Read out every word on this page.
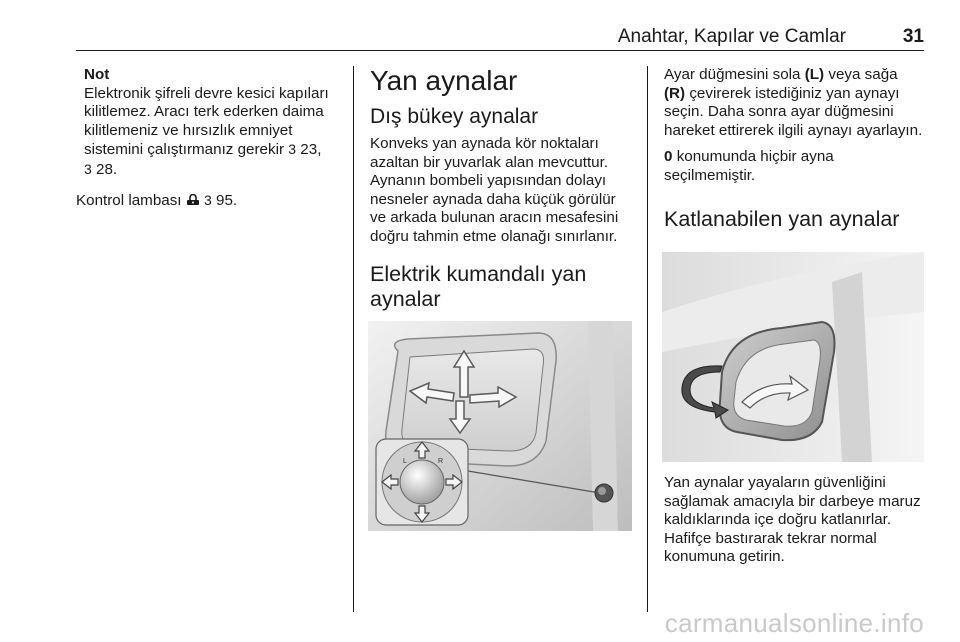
Anahtar, Kapılar ve Camlar	31
Not
Elektronik şifreli devre kesici kapıları kilitlemez. Aracı terk ederken daima kilitlemeniz ve hırsızlık emniyet sistemini çalıştırmanız gerekir 3 23,
3 28.

Kontrol lambası 3 95.

Yan aynalar
Dış bükey aynalar

Konveks yan aynada kör noktaları azaltan bir yuvarlak alan mevcuttur. Aynanın bombeli yapısından dolayı nesneler aynada daha küçük görülür ve arkada bulunan aracın mesafesini doğru tahmin etme olanağı sınırlanır.

Elektrik kumandalı yan aynalar
L	R

Ayar düğmesini sola (L) veya sağa
(R) çevirerek istediğiniz yan aynayı seçin. Daha sonra ayar düğmesini hareket ettirerek ilgili aynayı ayarlayın.

0 konumunda hiçbir ayna seçilmemiştir.

Katlanabilen yan aynalar
Yan aynalar yayaların güvenliğini sağlamak amacıyla bir darbeye maruz kaldıklarında içe doğru katlanırlar. Hafifçe bastırarak tekrar normal konumuna getirin.
carmanualsonline.info
